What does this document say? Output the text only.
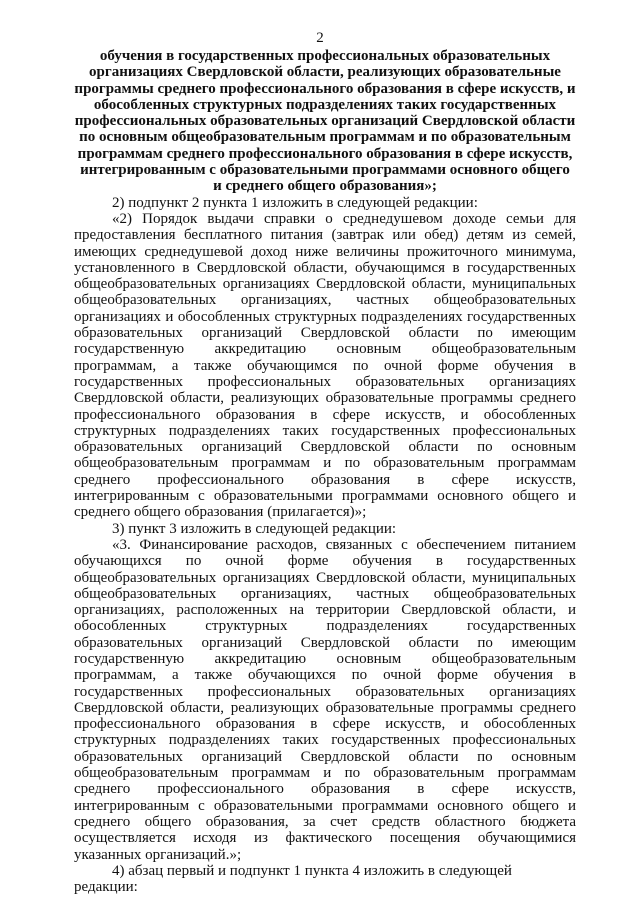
2

обучения в государственных профессиональных образовательных организациях Свердловской области, реализующих образовательные программы среднего профессионального образования в сфере искусств, и обособленных структурных подразделениях таких государственных профессиональных образовательных организаций Свердловской области по основным общеобразовательным программам и по образовательным программам среднего профессионального образования в сфере искусств, интегрированным с образовательными программами основного общего и среднего общего образования»;

2) подпункт 2 пункта 1 изложить в следующей редакции:

«2) Порядок выдачи справки о среднедушевом доходе семьи для предоставления бесплатного питания (завтрак или обед) детям из семей, имеющих среднедушевой доход ниже величины прожиточного минимума, установленного в Свердловской области, обучающимся в государственных общеобразовательных организациях Свердловской области, муниципальных общеобразовательных организациях, частных общеобразовательных организациях и обособленных структурных подразделениях государственных образовательных организаций Свердловской области по имеющим государственную аккредитацию основным общеобразовательным программам, а также обучающимся по очной форме обучения в государственных профессиональных образовательных организациях Свердловской области, реализующих образовательные программы среднего профессионального образования в сфере искусств, и обособленных структурных подразделениях таких государственных профессиональных образовательных организаций Свердловской области по основным общеобразовательным программам и по образовательным программам среднего профессионального образования в сфере искусств, интегрированным с образовательными программами основного общего и среднего общего образования (прилагается)»;

3) пункт 3 изложить в следующей редакции:

«3. Финансирование расходов, связанных с обеспечением питанием обучающихся по очной форме обучения в государственных общеобразовательных организациях Свердловской области, муниципальных общеобразовательных организациях, частных общеобразовательных организациях, расположенных на территории Свердловской области, и обособленных структурных подразделениях государственных образовательных организаций Свердловской области по имеющим государственную аккредитацию основным общеобразовательным программам, а также обучающихся по очной форме обучения в государственных профессиональных образовательных организациях Свердловской области, реализующих образовательные программы среднего профессионального образования в сфере искусств, и обособленных структурных подразделениях таких государственных профессиональных образовательных организаций Свердловской области по основным общеобразовательным программам и по образовательным программам среднего профессионального образования в сфере искусств, интегрированным с образовательными программами основного общего и среднего общего образования, за счет средств областного бюджета осуществляется исходя из фактического посещения обучающимися указанных организаций.»;

4) абзац первый и подпункт 1 пункта 4 изложить в следующей редакции:
